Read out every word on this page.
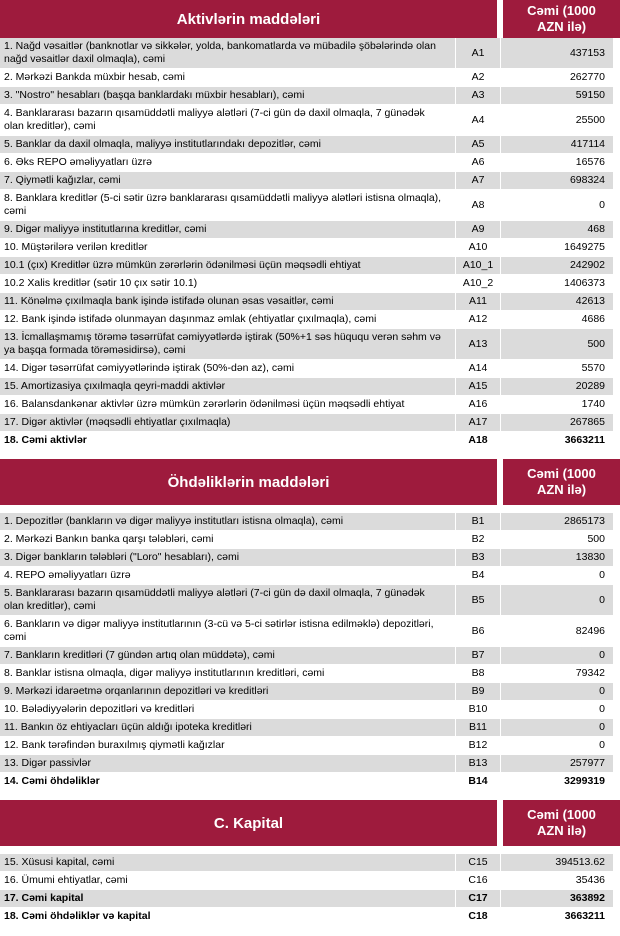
Aktivlərin maddələri	Cəmi (1000 AZN ilə)
1. Nağd vəsaitlər (banknotlar və sikkələr, yolda, bankomatlarda və mübadilə şöbələrində olan nağd vəsaitlər daxil olmaqla), cəmi
A1	437153
2. Mərkəzi Bankda müxbir hesab, cəmi	A2	262770
3. "Nostro" hesabları (başqa banklardakı müxbir hesabları), cəmi	A3	59150
4. Banklararası bazarın qısamüddətli maliyyə alətləri (7-ci gün də daxil olmaqla, 7 günədək olan kreditlər), cəmi
A4	25500
5. Banklar da daxil olmaqla, maliyyə institutlarındakı depozitlər, cəmi	A5	417114
6. Əks REPO əməliyyatları üzrə	A6	16576
7. Qiymətli kağızlar, cəmi	A7	698324
8. Banklara kreditlər (5-ci sətir üzrə banklararası qısamüddətli maliyyə alətləri istisna olmaqla), cəmi
A8	0
9. Digər maliyyə institutlarına kreditlər, cəmi	A9	468
10. Müştərilərə verilən kreditlər	A10	1649275
10.1 (çıx) Kreditlər üzrə mümkün zərərlərin ödənilməsi üçün məqsədli ehtiyat	A10_1	242902
10.2 Xalis kreditlər (sətir 10 çıx sətir 10.1)	A10_2	1406373
11. Könəlmə çıxılmaqla bank işində istifadə olunan əsas vəsaitlər, cəmi	A11	42613
12. Bank işində istifadə olunmayan daşınmaz əmlak (ehtiyatlar çıxılmaqla), cəmi	A12	4686
13. İcmallaşmamış törəmə təsərrüfat cəmiyyətlərdə iştirak (50%+1 səs hüququ verən səhm və ya başqa formada törəməsidirsə), cəmi
A13	500
14. Digər təsərrüfat cəmiyyətlərində iştirak (50%-dən az), cəmi	A14	5570
15. Amortizasiya çıxılmaqla qeyri-maddi aktivlər	A15	20289
16. Balansdankənar aktivlər üzrə mümkün zərərlərin ödənilməsi üçün məqsədli ehtiyat	A16	1740
17. Digər aktivlər (məqsədli ehtiyatlar çıxılmaqla)	A17	267865
18. Cəmi aktivlər	A18	3663211
Öhdəliklərin maddələri	Cəmi (1000 AZN ilə)
1. Depozitlər (bankların və digər maliyyə institutları istisna olmaqla), cəmi	B1	2865173
2. Mərkəzi Bankın banka qarşı tələbləri, cəmi	B2	500
3. Digər bankların tələbləri ("Loro" hesabları), cəmi	B3	13830
4. REPO əməliyyatları üzrə	B4	0
5. Banklararası bazarın qısamüddətli maliyyə alətləri (7-ci gün də daxil olmaqla, 7 günədək olan kreditlər), cəmi
B5	0
6. Bankların və digər maliyyə institutlarının (3-cü və 5-ci sətirlər istisna edilməklə) depozitləri, cəmi
B6	82496
7. Bankların kreditləri (7 gündən artıq olan müddətə), cəmi	B7	0
8. Banklar istisna olmaqla, digər maliyyə institutlarının kreditləri, cəmi	B8	79342
9. Mərkəzi idarəetmə orqanlarının depozitləri və kreditləri	B9	0
10. Bələdiyyələrin depozitləri və kreditləri	B10	0
11. Bankın öz ehtiyacları üçün aldığı ipoteka kreditləri	B11	0
12. Bank tərəfindən buraxılmış qiymətli kağızlar	B12	0
13. Digər passivlər	B13	257977
14. Cəmi öhdəliklər	B14	3299319
C. Kapital	Cəmi (1000 AZN ilə)
15. Xüsusi kapital, cəmi	C15	394513.62
16. Ümumi ehtiyatlar, cəmi	C16	35436
17. Cəmi kapital	C17	363892
18. Cəmi öhdəliklər və kapital	C18	3663211
